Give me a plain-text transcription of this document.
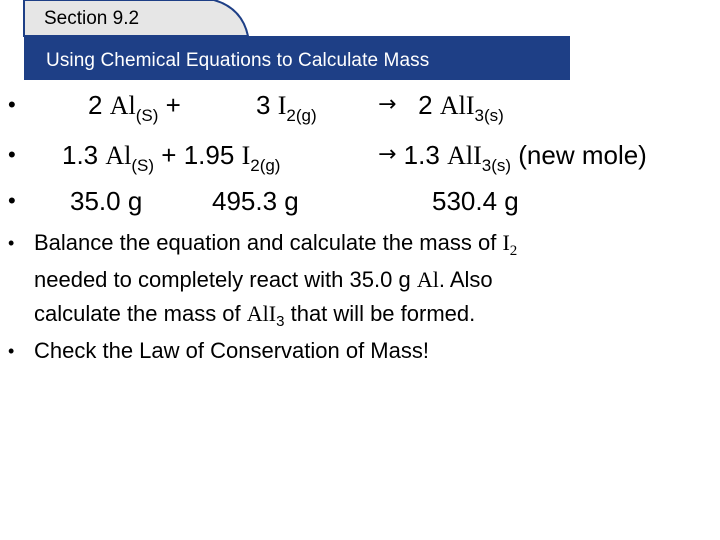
Section 9.2
Using Chemical Equations to Calculate Mass
•
•
•
2 $Al_{(S)}$ +	3 $I_{2(g)}$	→ 2 AlI$_{3(s)}$
1.3 $Al_{(S)} + 1.95$ $I_{2(g)}$	→ 1.3 AlI$_{3(s)}$ (new mole)
35.0 g	495.3 g	530.4 g
• Balance the equation and calculate the mass of $I_2$
needed to completely react with 35.0 g Al. Also
calculate the mass of AlI$_3$ that will be formed.
• Check the Law of Conservation of Mass!
